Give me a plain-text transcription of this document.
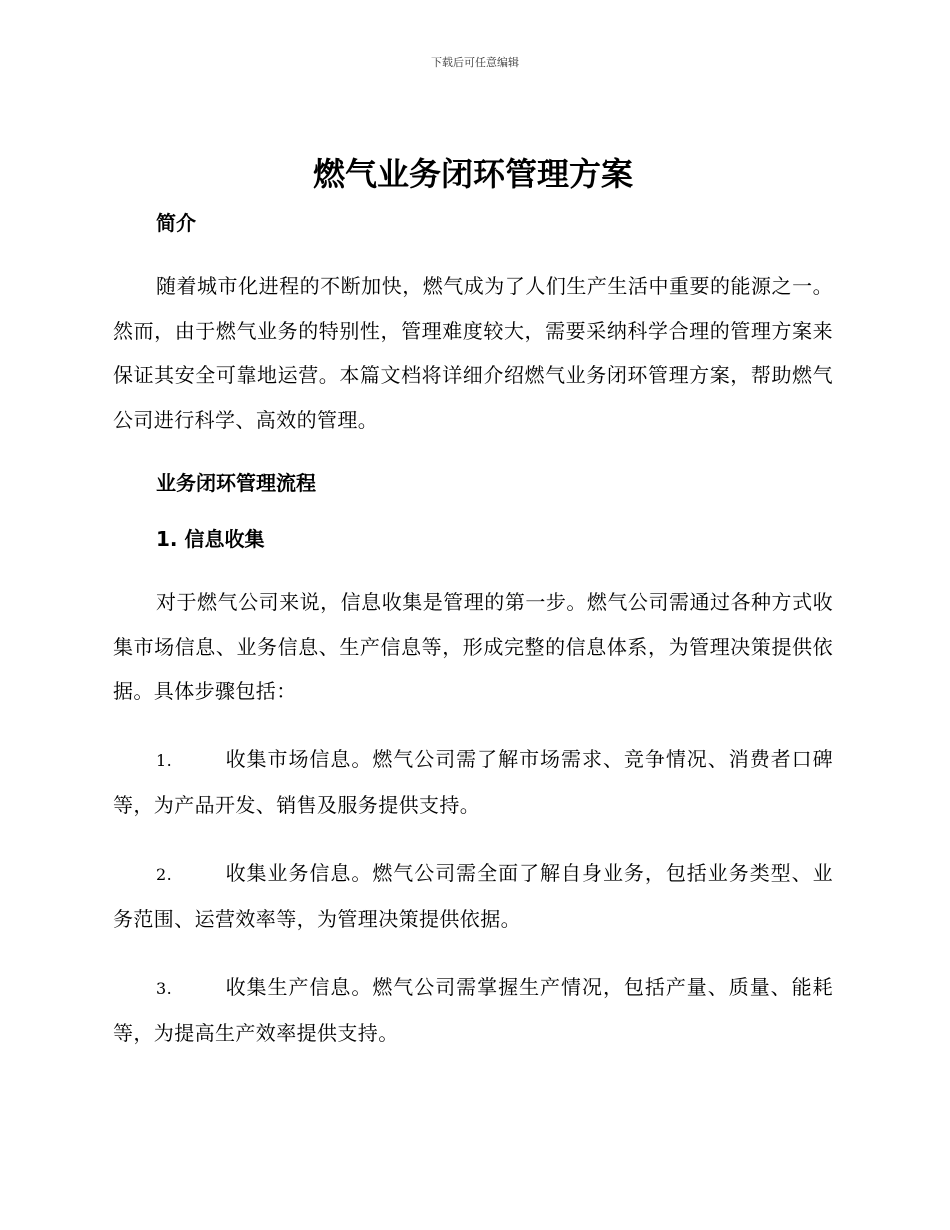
下载后可任意编辑
燃气业务闭环管理方案
简介

随着城市化进程的不断加快，燃气成为了人们生产生活中重要的能源之一。然而，由于燃气业务的特别性，管理难度较大，需要采纳科学合理的管理方案来保证其安全可靠地运营。本篇文档将详细介绍燃气业务闭环管理方案，帮助燃气公司进行科学、高效的管理。

业务闭环管理流程
1. 信息收集

对于燃气公司来说，信息收集是管理的第一步。燃气公司需通过各种方式收集市场信息、业务信息、生产信息等，形成完整的信息体系，为管理决策提供依据。具体步骤包括：

1.	收集市场信息。燃气公司需了解市场需求、竞争情况、消费者口碑等，为产品开发、销售及服务提供支持。
2.	收集业务信息。燃气公司需全面了解自身业务，包括业务类型、业务范围、运营效率等，为管理决策提供依据。
3.	收集生产信息。燃气公司需掌握生产情况，包括产量、质量、能耗等，为提高生产效率提供支持。
